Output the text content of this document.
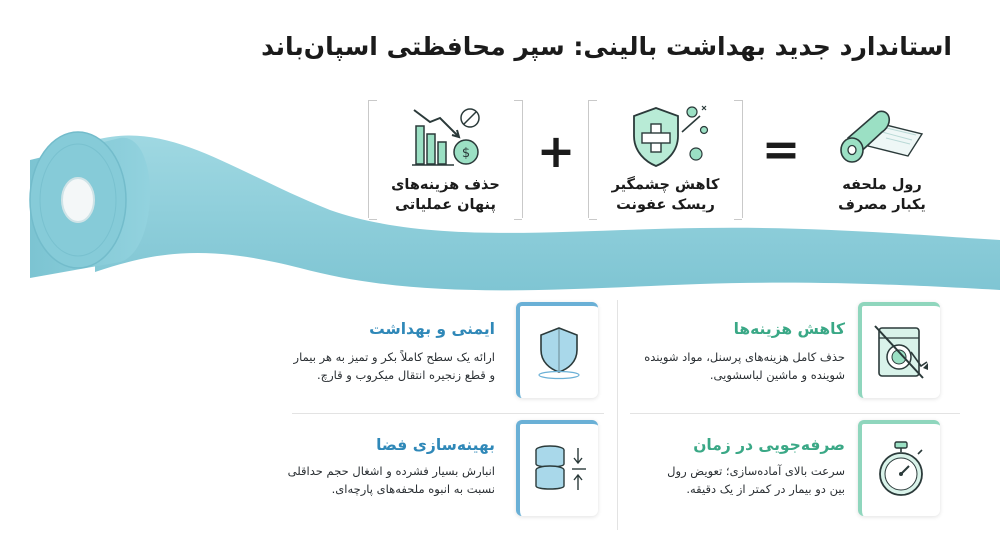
استاندارد جدید بهداشت بالینی: سپر محافظتی اسپان‌باند
$
حذف هزینه‌های
پنهان عملیاتی
+
کاهش چشمگیر
ریسک عفونت
=
رول ملحفه
یکبار مصرف
ایمنی و بهداشت
ارائه یک سطح کاملاً بکر و تمیز به هر بیمار
و قطع زنجیره انتقال میکروب و قارچ.
کاهش هزینه‌ها
حذف کامل هزینه‌های پرسنل، مواد شوینده
شوینده و ماشین لباسشویی.
بهینه‌سازی فضا
انبارش بسیار فشرده و اشغال حجم حداقلی
نسبت به انبوه ملحفه‌های پارچه‌ای.
صرفه‌جویی در زمان
سرعت بالای آماده‌سازی؛ تعویض رول
بین دو بیمار در کمتر از یک دقیقه.
